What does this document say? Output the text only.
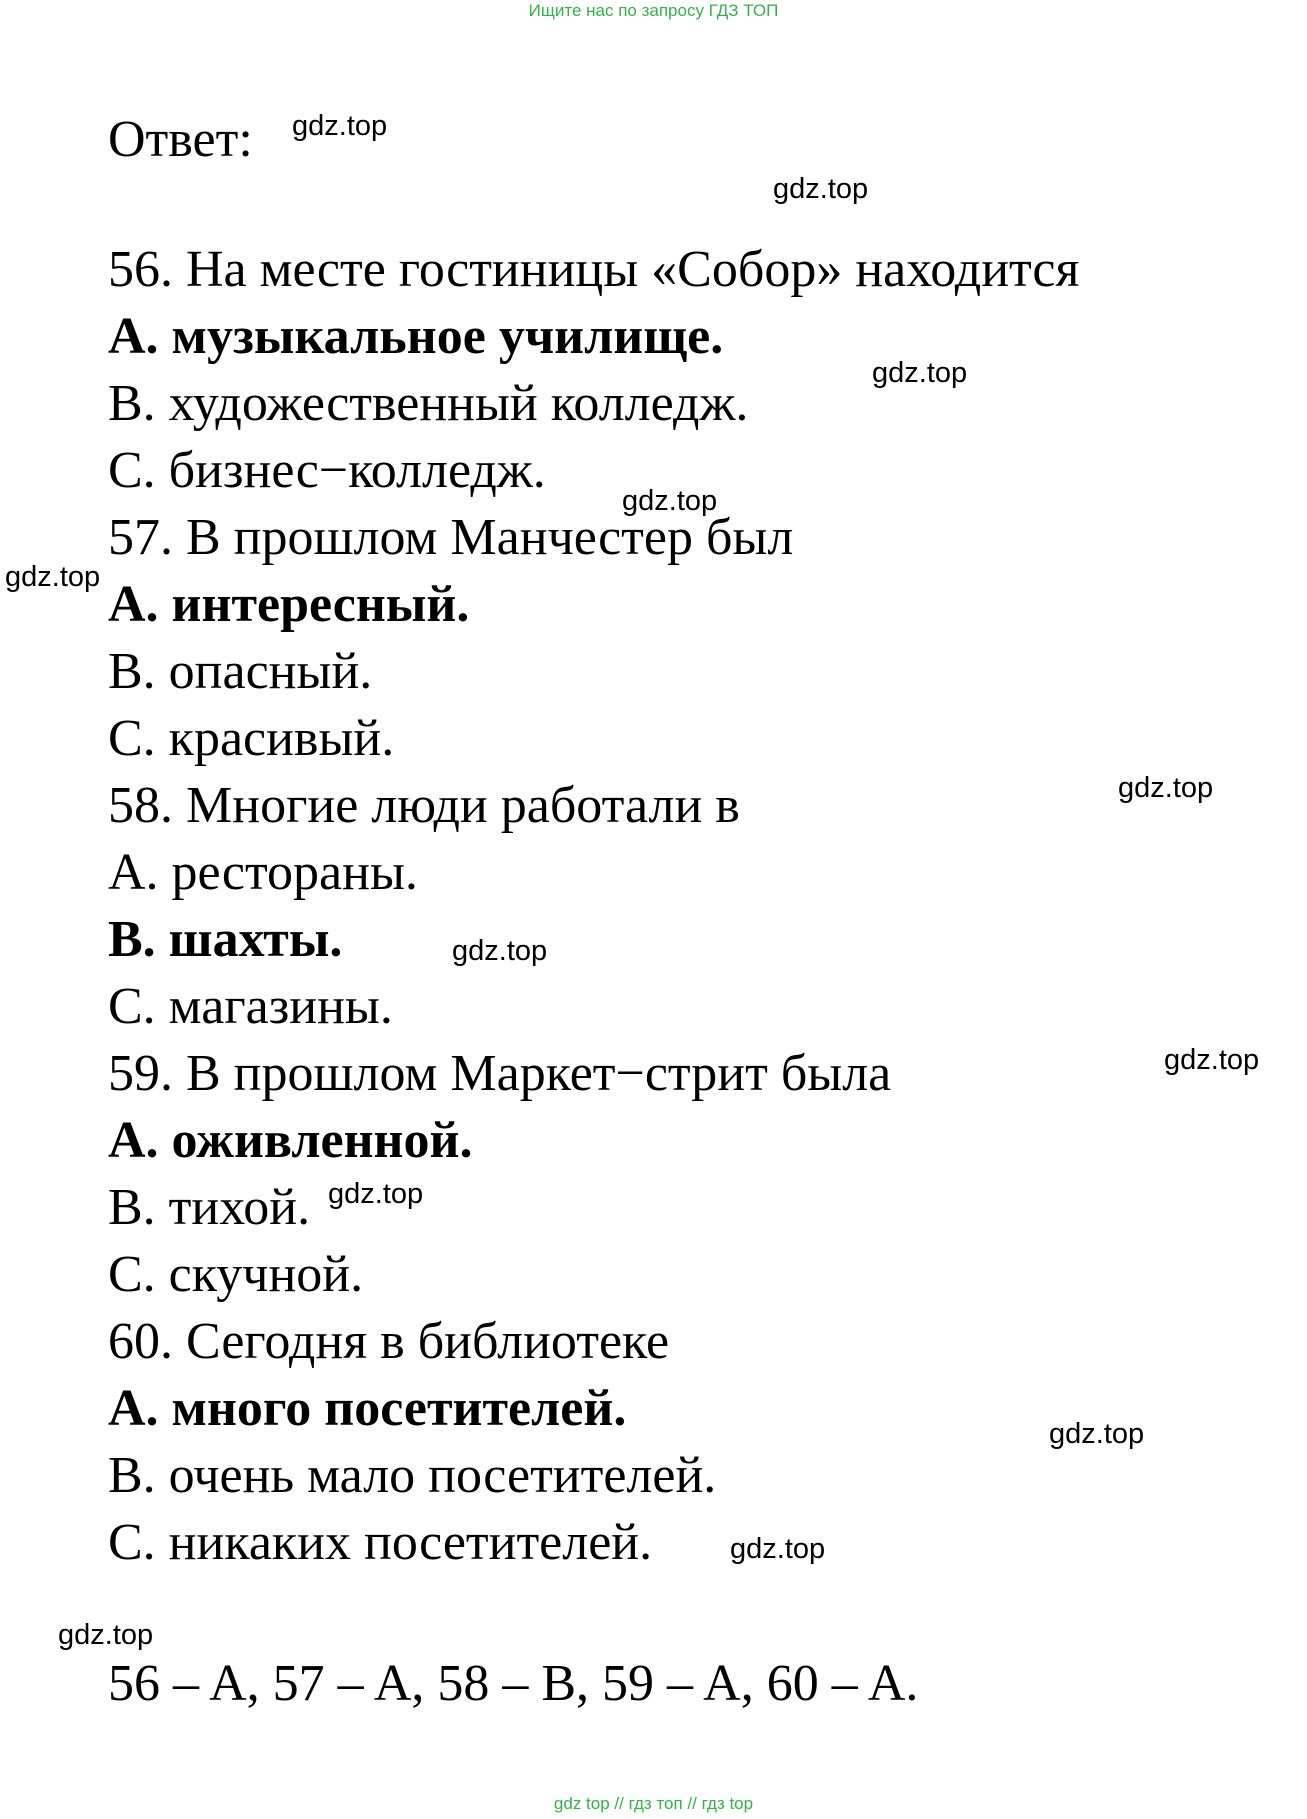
Ищите нас по запросу ГДЗ ТОП
Ответ:
56. На месте гостиницы «Собор» находится
A. музыкальное училище.
B. художественный колледж.
C. бизнес−колледж.
57. В прошлом Манчестер был
A. интересный.
B. опасный.
C. красивый.
58. Многие люди работали в
A. рестораны.
B. шахты.
C. магазины.
59. В прошлом Маркет−стрит была
A. оживленной.
B. тихой.
C. скучной.
60. Сегодня в библиотеке
A. много посетителей.
B. очень мало посетителей.
C. никаких посетителей.
56 – A, 57 – A, 58 – B, 59 – A, 60 – A.
gdz.top
gdz.top
gdz.top
gdz.top
gdz.top
gdz.top
gdz.top
gdz.top
gdz.top
gdz.top
gdz.top
gdz.top
gdz top // гдз топ // гдз top
